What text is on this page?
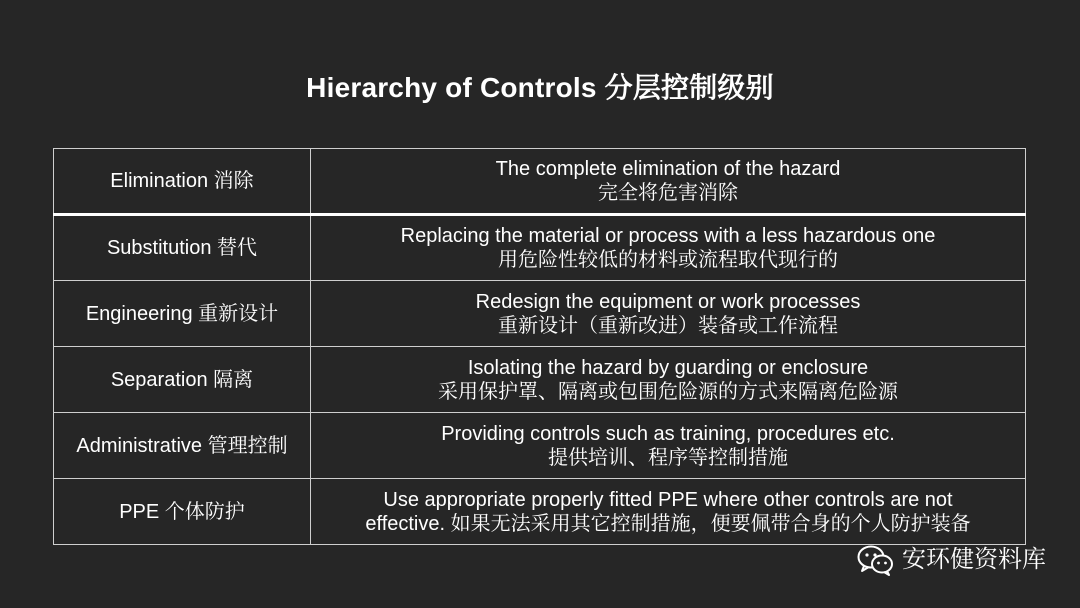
Hierarchy of Controls 分层控制级别
Elimination 消除	The complete elimination of the hazard
完全将危害消除

Substitution 替代	Replacing the material or process with a less hazardous one
用危险性较低的材料或流程取代现行的

Engineering 重新设计	Redesign the equipment or work processes
重新设计（重新改进）装备或工作流程

Separation 隔离	Isolating the hazard by guarding or enclosure
采用保护罩、隔离或包围危险源的方式来隔离危险源

Administrative 管理控制	Providing controls such as training, procedures etc.
提供培训、程序等控制措施

PPE 个体防护	Use appropriate properly fitted PPE where other controls are not
effective. 如果无法采用其它控制措施，便要佩带合身的个人防护装备
安环健资料库
